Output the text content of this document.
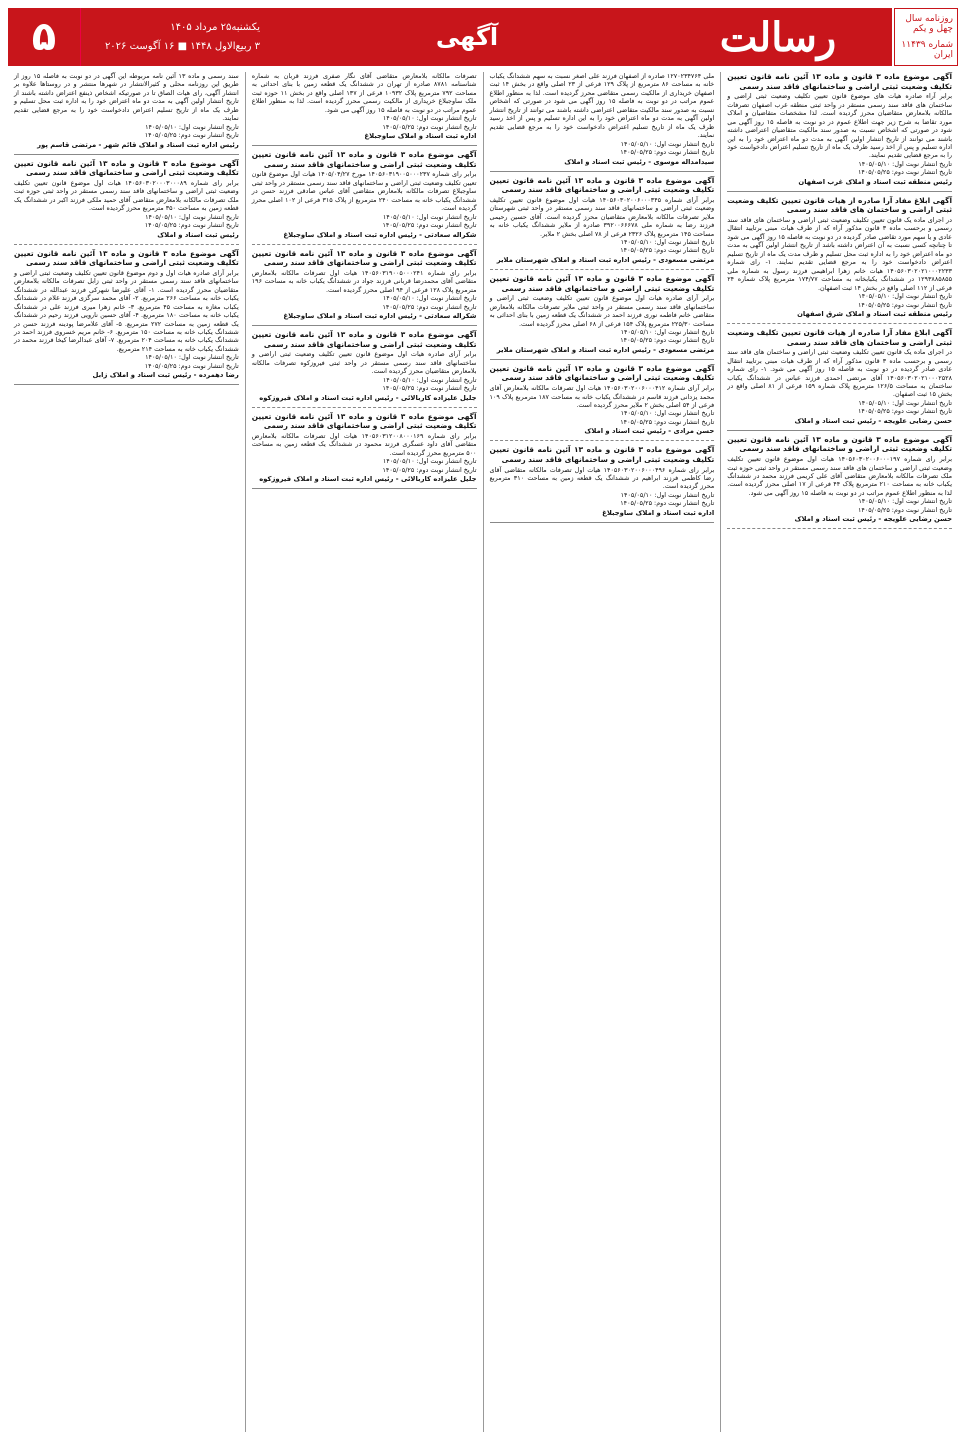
۵	یکشنبه۲۵ مرداد ۱۴۰۵
۳ ربیع‌الاول ۱۴۴۸ ■ ۱۶ آگوست ۲۰۲۶	آگهی	رسالت	روزنامه سال چهل و یکم
شماره ۱۱۴۳۹ ایران
آگهی موضوع ماده ۳ قانون و ماده ۱۳ آئین نامه قانون تعیین تکلیف وضعیت ثبتی اراضی و ساختمانهای فاقد سند رسمی
برابر آراء صادره هیات های موضوع قانون تعیین تکلیف وضعیت ثبتی اراضی و ساختمان های فاقد سند رسمی مستقر در واحد ثبتی منطقه غرب اصفهان تصرفات مالکانه بلامعارض متقاضیان محرز گردیده است. لذا مشخصات متقاضیان و املاک مورد تقاضا به شرح زیر جهت اطلاع عموم در دو نوبت به فاصله ۱۵ روز آگهی می شود در صورتی که اشخاص نسبت به صدور سند مالکیت متقاضیان اعتراضی داشته باشند می توانند از تاریخ انتشار اولین آگهی به مدت دو ماه اعتراض خود را به این اداره تسلیم و پس از اخذ رسید ظرف یک ماه از تاریخ تسلیم اعتراض دادخواست خود را به مرجع قضایی تقدیم نمایند.
تاریخ انتشار نوبت اول: ۱۴۰۵/۰۵/۱۰
تاریخ انتشار نوبت دوم: ۱۴۰۵/۰۵/۲۵
رئیس منطقه ثبت اسناد و املاک غرب اصفهان
آگهی ابلاغ مفاد آرا صادره از هیات قانون تعیین تکلیف وضعیت ثبتی اراضی و ساختمان های فاقد سند رسمی
در اجرای ماده یک قانون تعیین تکلیف وضعیت ثبتی اراضی و ساختمان های فاقد سند رسمی و برحسب ماده ۳ قانون مذکور آراء که از طرف هیات مبنی برتایید انتقال عادی و یا سهم مورد تقاضی صادر گردیده در دو نوبت به فاصله ۱۵ روز آگهی می شود تا چنانچه کسی نسبت به آن اعتراض داشته باشد از تاریخ انتشار اولین آگهی به مدت دو ماه اعتراض خود را به اداره ثبت محل تسلیم و ظرف مدت یک ماه از تاریخ تسلیم اعتراض دادخواست خود را به مرجع قضایی تقدیم نمایند. ۱- رای شماره ۱۴۰۵۶۰۳۰۲۰۲۱۰۰۰۲۲۳۳ هیات خانم زهرا ابراهیمی فرزند رسول به شماره ملی ۱۲۹۳۸۸۵۸۵۵ در ششدانگ یکبابخانه به مساحت ۱۷۴/۷۷ مترمربع پلاک شماره ۲۴ فرعی از ۱۱۲ اصلی واقع در بخش ۱۴ ثبت اصفهان.
تاریخ انتشار نوبت اول: ۱۴۰۵/۰۵/۱۰
تاریخ انتشار نوبت دوم: ۱۴۰۵/۰۵/۲۵
رئیس منطقه ثبت اسناد و املاک شرق اصفهان
آگهی ابلاغ مفاد آرا صادره از هیات قانون تعیین تکلیف وضعیت ثبتی اراضی و ساختمان های فاقد سند رسمی
در اجرای ماده یک قانون تعیین تکلیف وضعیت ثبتی اراضی و ساختمان های فاقد سند رسمی و برحسب ماده ۳ قانون مذکور آراء که از طرف هیات مبنی برتایید انتقال عادی صادر گردیده در دو نوبت به فاصله ۱۵ روز آگهی می شود. ۱- رای شماره ۱۴۰۵۶۰۳۰۲۰۲۱۰۰۰۲۵۲۸ آقای مرتضی احمدی فرزند عباس در ششدانگ یکباب ساختمان به مساحت ۱۲۶/۵ مترمربع پلاک شماره ۱۵۹ فرعی از ۸۱ اصلی واقع در بخش ۱۵ ثبت اصفهان.
تاریخ انتشار نوبت اول: ۱۴۰۵/۰۵/۱۰
تاریخ انتشار نوبت دوم: ۱۴۰۵/۰۵/۲۵
حسن رضایی علویجه - رئیس ثبت اسناد و املاک
آگهی موضوع ماده ۳ قانون و ماده ۱۳ آئین نامه قانون تعیین تکلیف وضعیت ثبتی اراضی و ساختمانهای فاقد سند رسمی
برابر رای شماره ۱۴۰۵۶۰۳۰۲۰۰۶۰۰۰۱۹۷ هیات اول موضوع قانون تعیین تکلیف وضعیت ثبتی اراضی و ساختمان های فاقد سند رسمی مستقر در واحد ثبتی حوزه ثبت ملک تصرفات مالکانه بلامعارض متقاضی آقای علی کریمی فرزند محمد در ششدانگ یکباب خانه به مساحت ۲۱۰ مترمربع پلاک ۴۴ فرعی از ۱۷ اصلی محرز گردیده است. لذا به منظور اطلاع عموم مراتب در دو نوبت به فاصله ۱۵ روز آگهی می شود.
تاریخ انتشار نوبت اول: ۱۴۰۵/۰۵/۱۰
تاریخ انتشار نوبت دوم: ۱۴۰۵/۰۵/۲۵
حسن رضایی علویجه - رئیس ثبت اسناد و املاک
ملی ۱۲۷۰۲۳۴۷۶۴ صادره از اصفهان فرزند علی اصغر نسبت به سهم ششدانگ یکباب خانه به مساحت ۸۶ مترمربع از پلاک ۱۲۹ فرعی از ۲۳ اصلی واقع در بخش ۱۴ ثبت اصفهان خریداری از مالکیت رسمی متقاضی محرز گردیده است. لذا به منظور اطلاع عموم مراتب در دو نوبت به فاصله ۱۵ روز آگهی می شود در صورتی که اشخاص نسبت به صدور سند مالکیت متقاضی اعتراضی داشته باشند می توانند از تاریخ انتشار اولین آگهی به مدت دو ماه اعتراض خود را به این اداره تسلیم و پس از اخذ رسید ظرف یک ماه از تاریخ تسلیم اعتراض دادخواست خود را به مرجع قضایی تقدیم نمایند.
تاریخ انتشار نوبت اول: ۱۴۰۵/۰۵/۱۰
تاریخ انتشار نوبت دوم: ۱۴۰۵/۰۵/۲۵
سیدامداله موسوی - رئیس ثبت اسناد و املاک
آگهی موضوع ماده ۳ قانون و ماده ۱۳ آئین نامه قانون تعیین تکلیف وضعیت ثبتی اراضی و ساختمانهای فاقد سند رسمی
برابر آرای شماره ۱۴۰۵۶۰۳۰۲۰۰۶۰۰۰۳۴۵ هیات اول موضوع قانون تعیین تکلیف وضعیت ثبتی اراضی و ساختمانهای فاقد سند رسمی مستقر در واحد ثبتی شهرستان ملایر تصرفات مالکانه بلامعارض متقاضیان محرز گردیده است. آقای حسین رحیمی فرزند رضا به شماره ملی ۳۹۲۰۰۶۶۶۷۸ صادره از ملایر ششدانگ یکباب خانه به مساحت ۱۴۵ مترمربع پلاک ۲۳۲۶ فرعی از ۷۸ اصلی بخش ۲ ملایر.
تاریخ انتشار نوبت اول: ۱۴۰۵/۰۵/۱۰
تاریخ انتشار نوبت دوم: ۱۴۰۵/۰۵/۲۵
مرتضی مسعودی - رئیس اداره ثبت اسناد و املاک شهرستان ملایر
آگهی موضوع ماده ۳ قانون و ماده ۱۳ آئین نامه قانون تعیین تکلیف وضعیت ثبتی اراضی و ساختمانهای فاقد سند رسمی
برابر آرای صادره هیات اول موضوع قانون تعیین تکلیف وضعیت ثبتی اراضی و ساختمانهای فاقد سند رسمی مستقر در واحد ثبتی ملایر تصرفات مالکانه بلامعارض متقاضی خانم فاطمه نوری فرزند احمد در ششدانگ یک قطعه زمین با بنای احداثی به مساحت ۲۲۵/۳۰ مترمربع پلاک ۱۵۴ فرعی از ۶۸ اصلی محرز گردیده است.
تاریخ انتشار نوبت اول: ۱۴۰۵/۰۵/۱۰
تاریخ انتشار نوبت دوم: ۱۴۰۵/۰۵/۲۵
مرتضی مسعودی - رئیس اداره ثبت اسناد و املاک شهرستان ملایر
آگهی موضوع ماده ۳ قانون و ماده ۱۳ آئین نامه قانون تعیین تکلیف وضعیت ثبتی اراضی و ساختمانهای فاقد سند رسمی
برابر آرای شماره ۱۴۰۵۶۰۳۰۲۰۰۶۰۰۰۴۱۲ هیات اول تصرفات مالکانه بلامعارض آقای محمد یزدانی فرزند قاسم در ششدانگ یکباب خانه به مساحت ۱۸۷ مترمربع پلاک ۱۰۹ فرعی از ۵۴ اصلی بخش ۲ ملایر محرز گردیده است.
تاریخ انتشار نوبت اول: ۱۴۰۵/۰۵/۱۰
تاریخ انتشار نوبت دوم: ۱۴۰۵/۰۵/۲۵
حسن مرادی - رئیس ثبت اسناد و املاک
آگهی موضوع ماده ۳ قانون و ماده ۱۳ آئین نامه قانون تعیین تکلیف وضعیت ثبتی اراضی و ساختمانهای فاقد سند رسمی
برابر رای شماره ۱۴۰۵۶۰۳۰۲۰۰۶۰۰۰۴۹۶ هیات اول تصرفات مالکانه متقاضی آقای رضا کاظمی فرزند ابراهیم در ششدانگ یک قطعه زمین به مساحت ۳۱۰ مترمربع محرز گردیده است.
تاریخ انتشار نوبت اول: ۱۴۰۵/۰۵/۱۰
تاریخ انتشار نوبت دوم: ۱۴۰۵/۰۵/۲۵
اداره ثبت اسناد و املاک ساوجبلاغ
تصرفات مالکانه بلامعارض متقاضی آقای نگار صفری فرزند قربان به شماره شناسنامه ۸۷۸۱ صادره از تهران در ششدانگ یک قطعه زمین با بنای احداثی به مساحت ۷۹۲ مترمربع پلاک ۱۰۹۳۲ فرعی از ۱۳۷ اصلی واقع در بخش ۱۱ حوزه ثبت ملک ساوجبلاغ خریداری از مالکیت رسمی محرز گردیده است. لذا به منظور اطلاع عموم مراتب در دو نوبت به فاصله ۱۵ روز آگهی می شود.
تاریخ انتشار نوبت اول: ۱۴۰۵/۰۵/۱۰
تاریخ انتشار نوبت دوم: ۱۴۰۵/۰۵/۲۵
اداره ثبت اسناد و املاک ساوجبلاغ
آگهی موضوع ماده ۳ قانون و ماده ۱۳ آئین نامه قانون تعیین تکلیف وضعیت ثبتی اراضی و ساختمانهای فاقد سند رسمی
برابر رای شماره ۱۴۰۵۶۰۳۱۹۰۰۵۰۰۰۲۳۷ مورخ ۱۴۰۵/۰۴/۲۷ هیات اول موضوع قانون تعیین تکلیف وضعیت ثبتی اراضی و ساختمانهای فاقد سند رسمی مستقر در واحد ثبتی ساوجبلاغ تصرفات مالکانه بلامعارض متقاضی آقای عباس صادقی فرزند حسن در ششدانگ یکباب خانه به مساحت ۲۴۰ مترمربع از پلاک ۳۱۵ فرعی از ۱۰۲ اصلی محرز گردیده است.
تاریخ انتشار نوبت اول: ۱۴۰۵/۰۵/۱۰
تاریخ انتشار نوبت دوم: ۱۴۰۵/۰۵/۲۵
شکراله سعادتی - رئیس اداره ثبت اسناد و املاک ساوجبلاغ
آگهی موضوع ماده ۳ قانون و ماده ۱۳ آئین نامه قانون تعیین تکلیف وضعیت ثبتی اراضی و ساختمانهای فاقد سند رسمی
برابر رای شماره ۱۴۰۵۶۰۳۱۹۰۰۵۰۰۰۲۴۱ هیات اول تصرفات مالکانه بلامعارض متقاضی آقای محمدرضا قربانی فرزند جواد در ششدانگ یکباب خانه به مساحت ۱۹۶ مترمربع پلاک ۱۲۸ فرعی از ۹۴ اصلی محرز گردیده است.
تاریخ انتشار نوبت اول: ۱۴۰۵/۰۵/۱۰
تاریخ انتشار نوبت دوم: ۱۴۰۵/۰۵/۲۵
شکراله سعادتی - رئیس اداره ثبت اسناد و املاک ساوجبلاغ
آگهی موضوع ماده ۳ قانون و ماده ۱۳ آئین نامه قانون تعیین تکلیف وضعیت ثبتی اراضی و ساختمانهای فاقد سند رسمی
برابر آرای صادره هیات اول موضوع قانون تعیین تکلیف وضعیت ثبتی اراضی و ساختمانهای فاقد سند رسمی مستقر در واحد ثبتی فیروزکوه تصرفات مالکانه بلامعارض متقاضیان محرز گردیده است.
تاریخ انتشار نوبت اول: ۱۴۰۵/۰۵/۱۰
تاریخ انتشار نوبت دوم: ۱۴۰۵/۰۵/۲۵
جلیل علیزاده کاربالائی - رئیس اداره ثبت اسناد و املاک فیروزکوه
آگهی موضوع ماده ۳ قانون و ماده ۱۳ آئین نامه قانون تعیین تکلیف وضعیت ثبتی اراضی و ساختمانهای فاقد سند رسمی
برابر رای شماره ۱۴۰۵۶۰۳۱۲۰۰۸۰۰۰۱۶۹ هیات اول تصرفات مالکانه بلامعارض متقاضی آقای داود عسگری فرزند محمود در ششدانگ یک قطعه زمین به مساحت ۵۰۰ مترمربع محرز گردیده است.
تاریخ انتشار نوبت اول: ۱۴۰۵/۰۵/۱۰
تاریخ انتشار نوبت دوم: ۱۴۰۵/۰۵/۲۵
جلیل علیزاده کاربالائی - رئیس اداره ثبت اسناد و املاک فیروزکوه
سند رسمی و ماده ۱۳ آئین نامه مربوطه این آگهی در دو نوبت به فاصله ۱۵ روز از طریق این روزنامه محلی و کثیرالانتشار در شهرها منتشر و در روستاها علاوه بر انتشار آگهی، رای هیات الصاق تا در صورتیکه اشخاص ذینفع اعتراض داشته باشند از تاریخ انتشار اولین آگهی به مدت دو ماه اعتراض خود را به اداره ثبت محل تسلیم و ظرف یک ماه از تاریخ تسلیم اعتراض دادخواست خود را به مرجع قضایی تقدیم نمایند.
تاریخ انتشار نوبت اول: ۱۴۰۵/۰۵/۱۰
تاریخ انتشار نوبت دوم: ۱۴۰۵/۰۵/۲۵
رئیس اداره ثبت اسناد و املاک قائم شهر - مرتضی قاسم پور
آگهی موضوع ماده ۳ قانون و ماده ۱۳ آئین نامه قانون تعیین تکلیف وضعیت ثبتی اراضی و ساختمانهای فاقد سند رسمی
برابر رای شماره ۱۴۰۵۶۰۳۰۲۰۰۰۳۰۰۰۸۹ هیات اول موضوع قانون تعیین تکلیف وضعیت ثبتی اراضی و ساختمانهای فاقد سند رسمی مستقر در واحد ثبتی حوزه ثبت ملک تصرفات مالکانه بلامعارض متقاضی آقای حمید ملکی فرزند اکبر در ششدانگ یک قطعه زمین به مساحت ۳۵۰ مترمربع محرز گردیده است.
تاریخ انتشار نوبت اول: ۱۴۰۵/۰۵/۱۰
تاریخ انتشار نوبت دوم: ۱۴۰۵/۰۵/۲۵
رئیس ثبت اسناد و املاک
آگهی موضوع ماده ۳ قانون و ماده ۱۳ آئین نامه قانون تعیین تکلیف وضعیت ثبتی اراضی و ساختمانهای فاقد سند رسمی
برابر آرای صادره هیات اول و دوم موضوع قانون تعیین تکلیف وضعیت ثبتی اراضی و ساختمانهای فاقد سند رسمی مستقر در واحد ثبتی زابل تصرفات مالکانه بلامعارض متقاضیان محرز گردیده است. ۱- آقای علیرضا شهرکی فرزند عبدالله در ششدانگ یکباب خانه به مساحت ۲۶۶ مترمربع. ۲- آقای محمد سرگزی فرزند غلام در ششدانگ یکباب مغازه به مساحت ۴۵ مترمربع. ۳- خانم زهرا میری فرزند علی در ششدانگ یکباب خانه به مساحت ۱۸۰ مترمربع. ۴- آقای حسین نارویی فرزند رحیم در ششدانگ یک قطعه زمین به مساحت ۲۷۲ مترمربع. ۵- آقای غلامرضا پودینه فرزند حسن در ششدانگ یکباب خانه به مساحت ۱۵۰ مترمربع. ۶- خانم مریم خسروی فرزند احمد در ششدانگ یکباب خانه به مساحت ۲۰۴ مترمربع. ۷- آقای عبدالرضا کیخا فرزند محمد در ششدانگ یکباب خانه به مساحت ۲۱۴ مترمربع.
تاریخ انتشار نوبت اول: ۱۴۰۵/۰۵/۱۰
تاریخ انتشار نوبت دوم: ۱۴۰۵/۰۵/۲۵
رضا دهمرده - رئیس ثبت اسناد و املاک زابل
